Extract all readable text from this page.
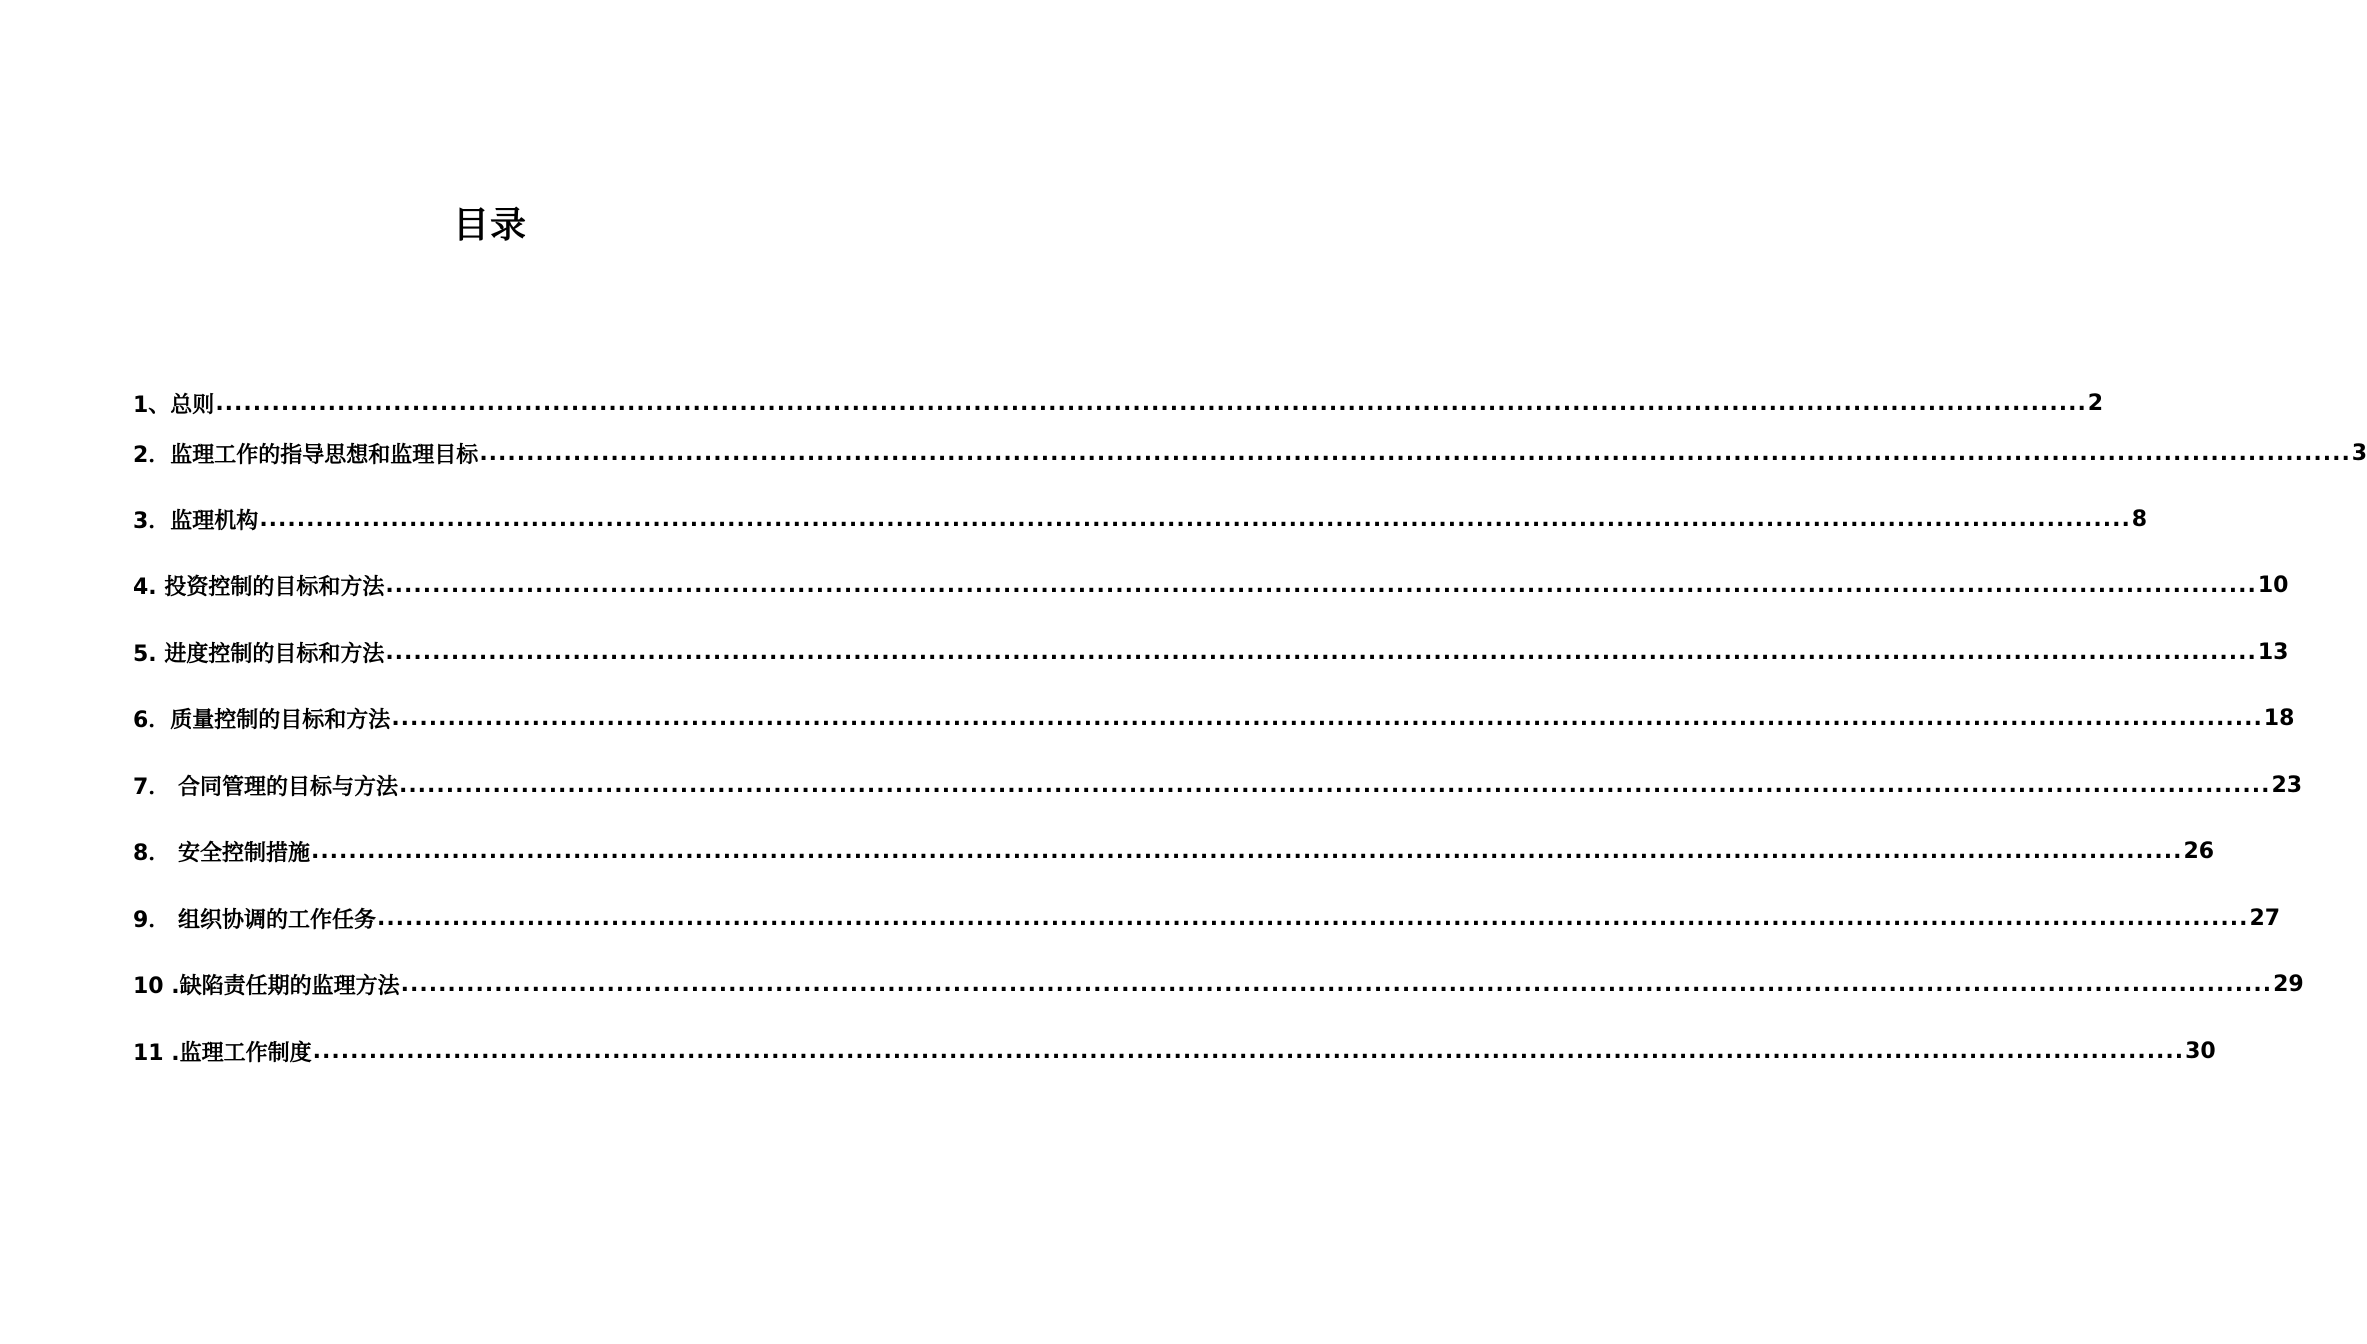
目录
1、总则 ........................................................................................................................................................................................................ 2
2．监理工作的指导思想和监理目标 ........................................................................................................................................................................................................ 3
3．监理机构 ........................................................................................................................................................................................................ 8
4. 投资控制的目标和方法 ........................................................................................................................................................................................................ 10
5. 进度控制的目标和方法 ........................................................................................................................................................................................................ 13
6．质量控制的目标和方法 ........................................................................................................................................................................................................ 18
7． 合同管理的目标与方法 ........................................................................................................................................................................................................ 23
8． 安全控制措施 ........................................................................................................................................................................................................ 26
9． 组织协调的工作任务 ........................................................................................................................................................................................................ 27
10 .缺陷责任期的监理方法 ........................................................................................................................................................................................................ 29
11 .监理工作制度 ........................................................................................................................................................................................................ 30
